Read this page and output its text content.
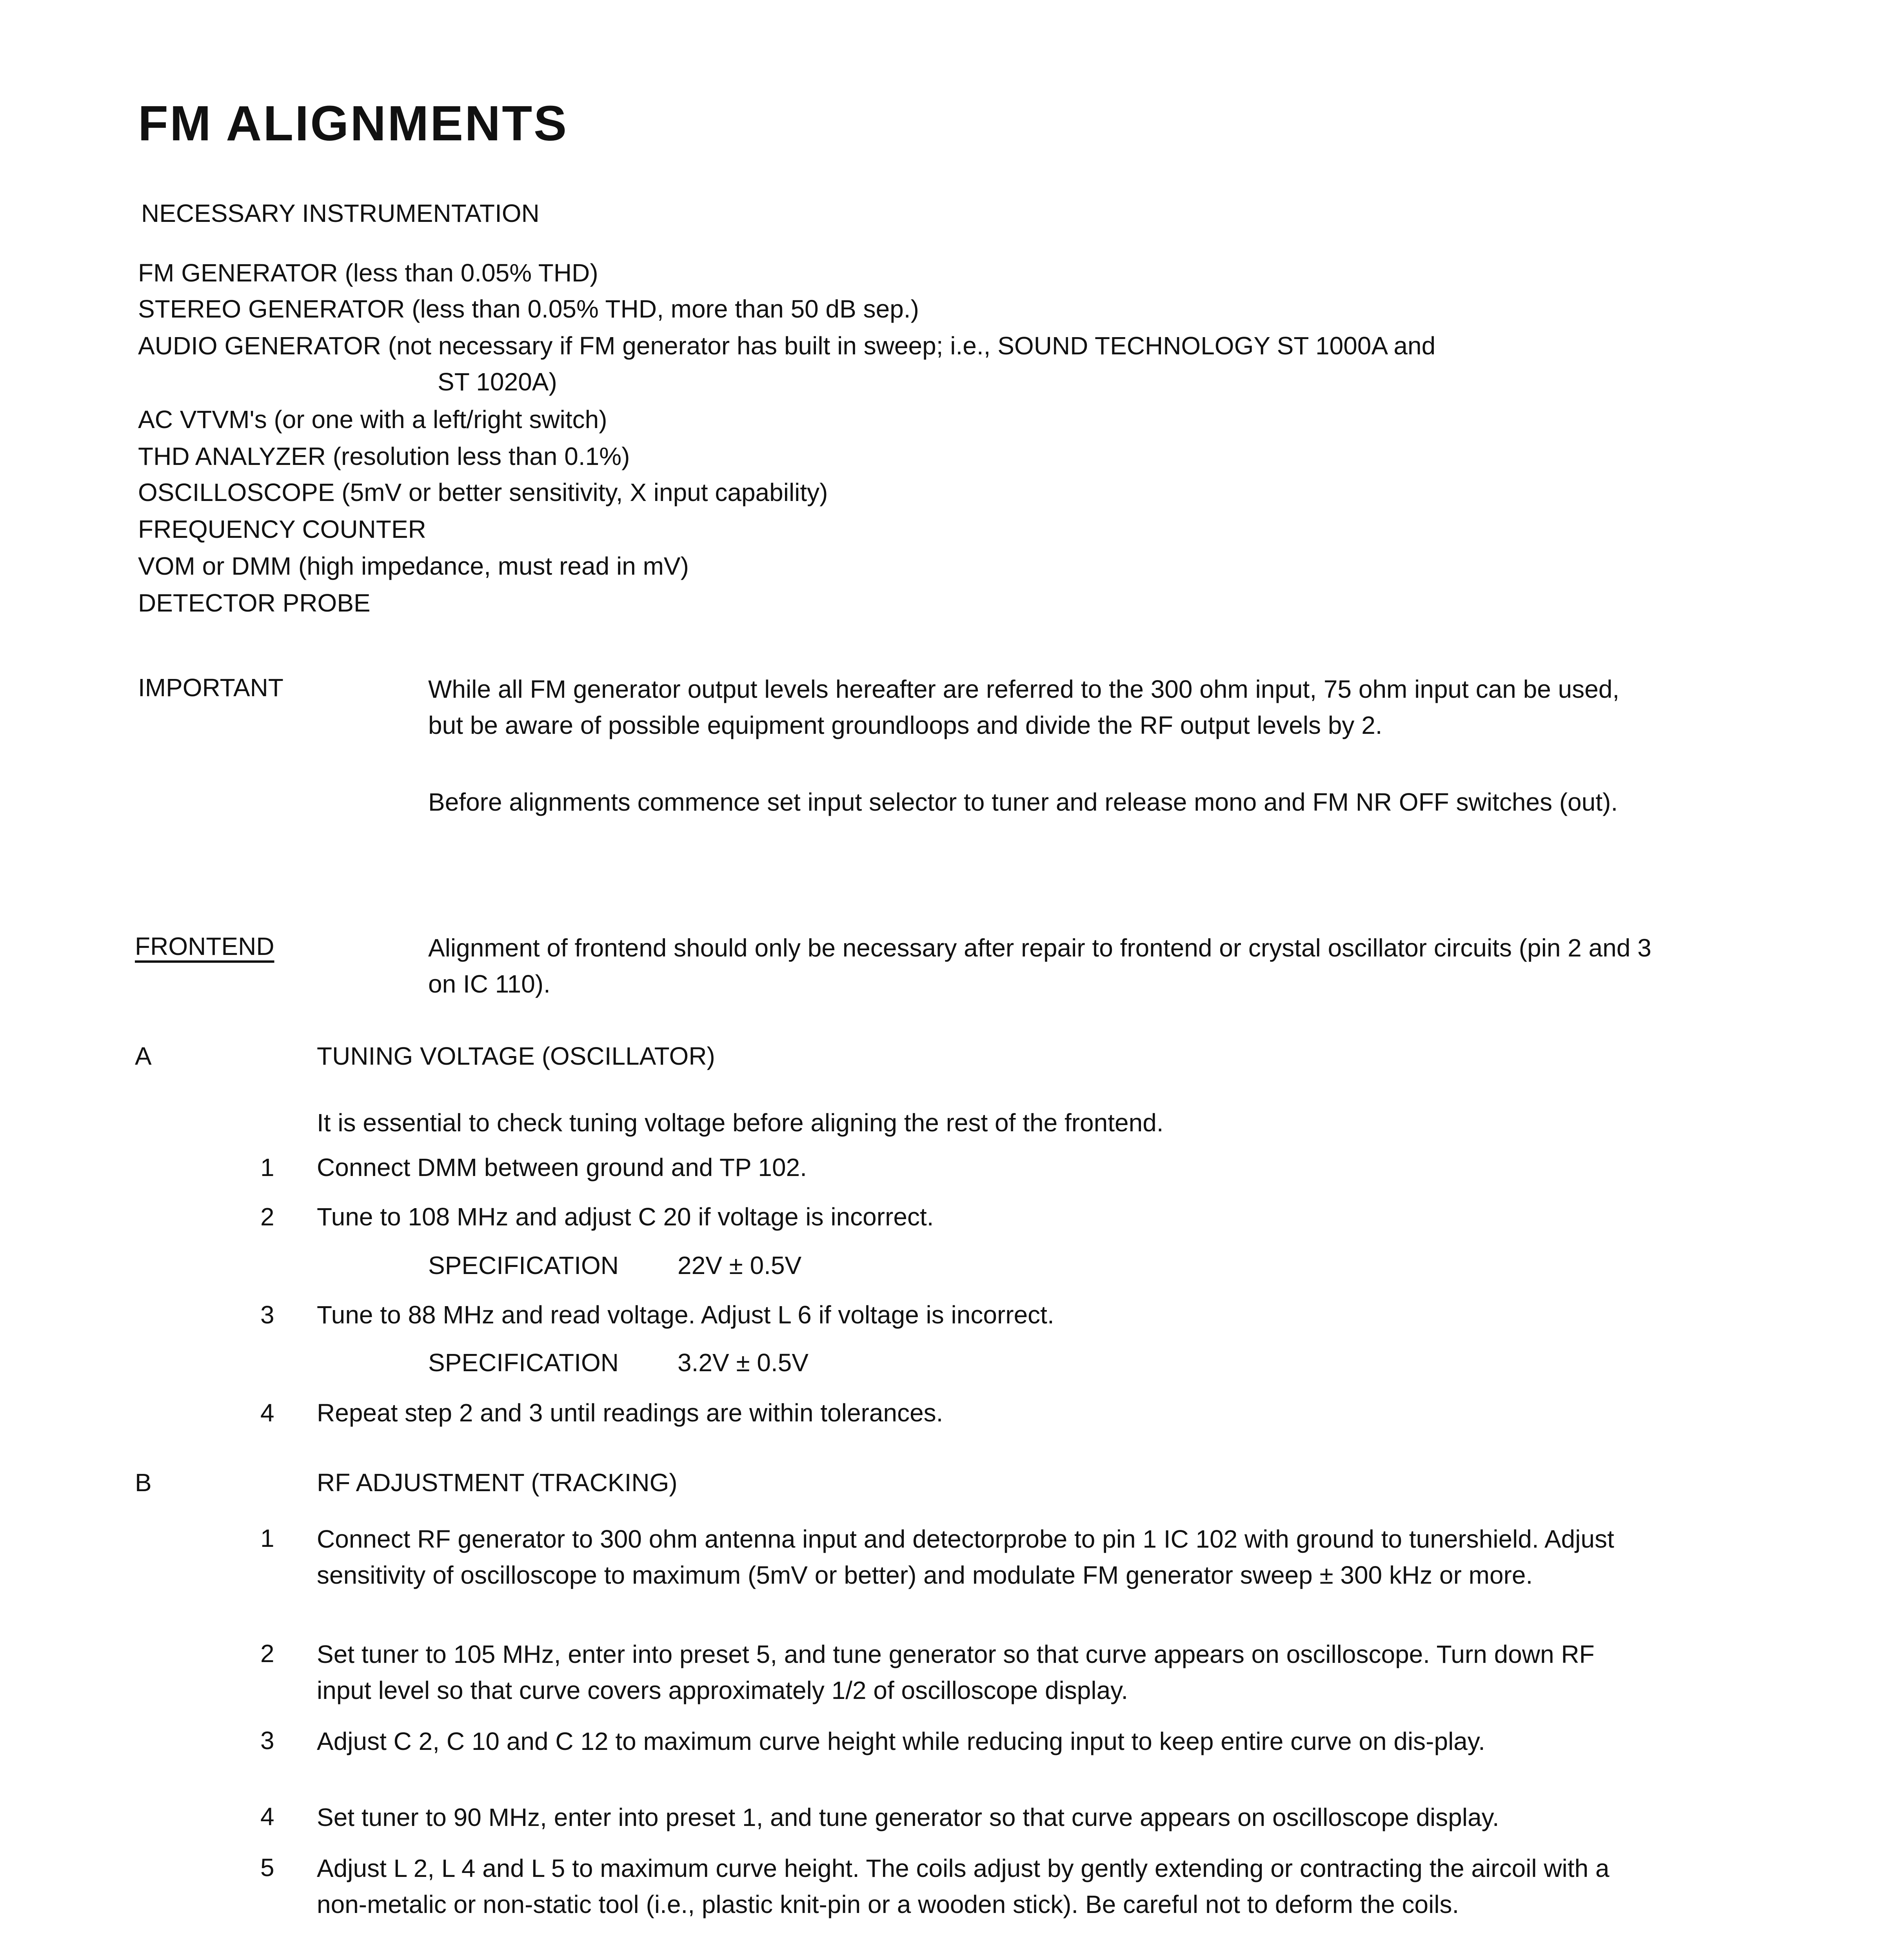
FM ALIGNMENTS
NECESSARY INSTRUMENTATION
FM GENERATOR (less than 0.05% THD)
STEREO GENERATOR (less than 0.05% THD, more than 50 dB sep.)
AUDIO GENERATOR (not necessary if FM generator has built in sweep; i.e., SOUND TECHNOLOGY ST 1000A and
ST 1020A)
AC VTVM's (or one with a left/right switch)
THD ANALYZER (resolution less than 0.1%)
OSCILLOSCOPE (5mV or better sensitivity, X input capability)
FREQUENCY COUNTER
VOM or DMM (high impedance, must read in mV)
DETECTOR PROBE
IMPORTANT	While all FM generator output levels hereafter are referred to the 300 ohm input, 75 ohm input can be used, but be aware of possible equipment groundloops and divide the RF output levels by 2.
Before alignments commence set input selector to tuner and release mono and FM NR OFF switches (out).
FRONTEND	Alignment of frontend should only be necessary after repair to frontend or crystal oscillator circuits (pin 2 and 3 on IC 110).
A	TUNING VOLTAGE (OSCILLATOR)
It is essential to check tuning voltage before aligning the rest of the frontend.
1 Connect DMM between ground and TP 102.
2 Tune to 108 MHz and adjust C 20 if voltage is incorrect.
SPECIFICATION 22V ± 0.5V
3 Tune to 88 MHz and read voltage. Adjust L 6 if voltage is incorrect.
SPECIFICATION 3.2V ± 0.5V
4 Repeat step 2 and 3 until readings are within tolerances.
B	RF ADJUSTMENT (TRACKING)
1 Connect RF generator to 300 ohm antenna input and detectorprobe to pin 1 IC 102 with ground to tunershield. Adjust sensitivity of oscilloscope to maximum (5mV or better) and modulate FM generator sweep ± 300 kHz or more.
2 Set tuner to 105 MHz, enter into preset 5, and tune generator so that curve appears on oscilloscope. Turn down RF input level so that curve covers approximately 1/2 of oscilloscope display.
3 Adjust C 2, C 10 and C 12 to maximum curve height while reducing input to keep entire curve on dis-play.
4 Set tuner to 90 MHz, enter into preset 1, and tune generator so that curve appears on oscilloscope display.
5 Adjust L 2, L 4 and L 5 to maximum curve height. The coils adjust by gently extending or contracting the aircoil with a non-metalic or non-static tool (i.e., plastic knit-pin or a wooden stick). Be careful not to deform the coils.
